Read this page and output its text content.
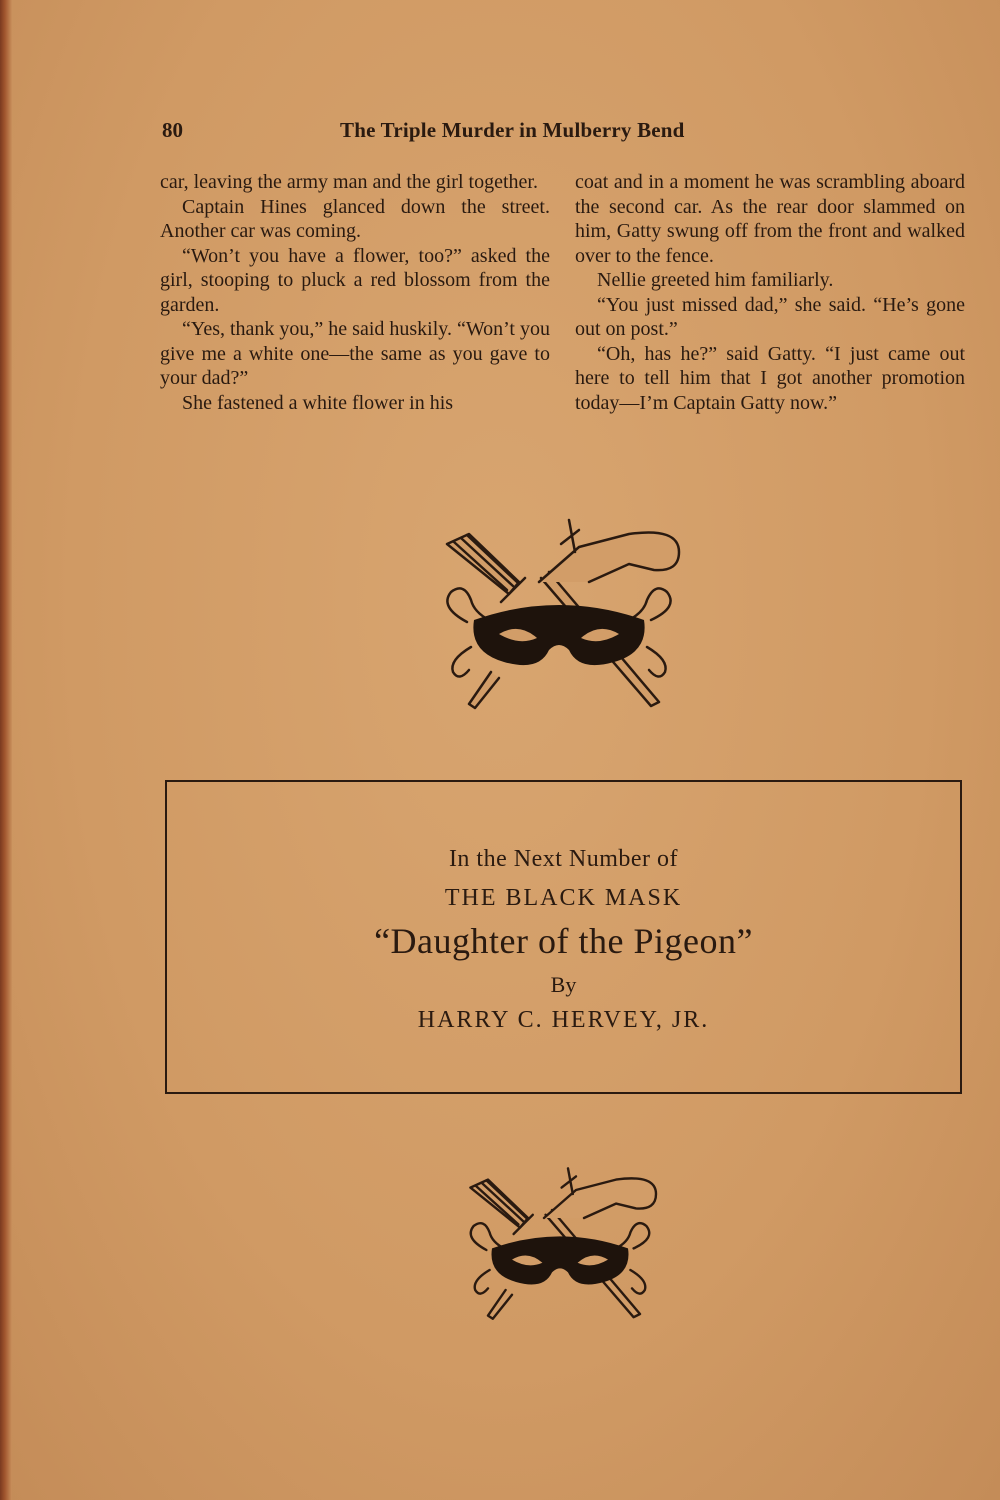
80	The Triple Murder in Mulberry Bend

car, leaving the army man and the girl together.

Captain Hines glanced down the street. Another car was coming.

“Won’t you have a flower, too?” asked the girl, stooping to pluck a red blossom from the garden.

“Yes, thank you,” he said huskily. “Won’t you give me a white one—the same as you gave to your dad?”

She fastened a white flower in his

coat and in a moment he was scrambling aboard the second car. As the rear door slammed on him, Gatty swung off from the front and walked over to the fence.

Nellie greeted him familiarly.

“You just missed dad,” she said. “He’s gone out on post.”

“Oh, has he?” said Gatty. “I just came out here to tell him that I got another promotion today—I’m Captain Gatty now.”

In the Next Number of
THE BLACK MASK
“Daughter of the Pigeon”
By
HARRY C. HERVEY, JR.
